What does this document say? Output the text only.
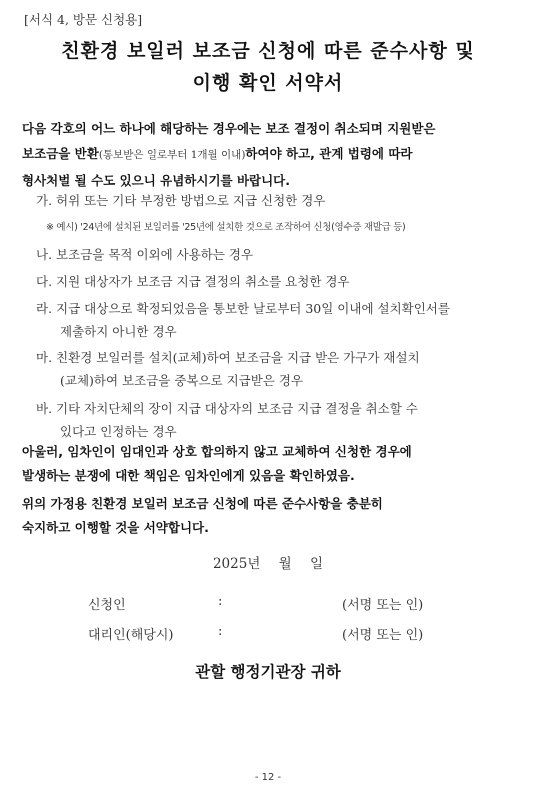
[서식 4, 방문 신청용]
친환경 보일러 보조금 신청에 따른 준수사항 및
이행 확인 서약서
다음 각호의 어느 하나에 해당하는 경우에는 보조 결정이 취소되며 지원받은
보조금을 반환(통보받은 일로부터 1개월 이내)하여야 하고, 관계 법령에 따라
형사처벌 될 수도 있으니 유념하시기를 바랍니다.
가. 허위 또는 기타 부정한 방법으로 지급 신청한 경우
※ 예시) '24년에 설치된 보일러를 '25년에 설치한 것으로 조작하여 신청(영수증 재발급 등)
나. 보조금을 목적 이외에 사용하는 경우
다. 지원 대상자가 보조금 지급 결정의 취소를 요청한 경우
라. 지급 대상으로 확정되었음을 통보한 날로부터 30일 이내에 설치확인서를
제출하지 아니한 경우
마. 친환경 보일러를 설치(교체)하여 보조금을 지급 받은 가구가 재설치
(교체)하여 보조금을 중복으로 지급받은 경우
바. 기타 자치단체의 장이 지급 대상자의 보조금 지급 결정을 취소할 수
있다고 인정하는 경우
아울러, 임차인이 임대인과 상호 합의하지 않고 교체하여 신청한 경우에
발생하는 분쟁에 대한 책임은 임차인에게 있음을 확인하였음.
위의 가정용 친환경 보일러 보조금 신청에 따른 준수사항을 충분히
숙지하고 이행할 것을 서약합니다.
2025년 월 일
신청인	:	(서명 또는 인)
대리인(해당시)	:	(서명 또는 인)
관할 행정기관장 귀하
- 12 -
